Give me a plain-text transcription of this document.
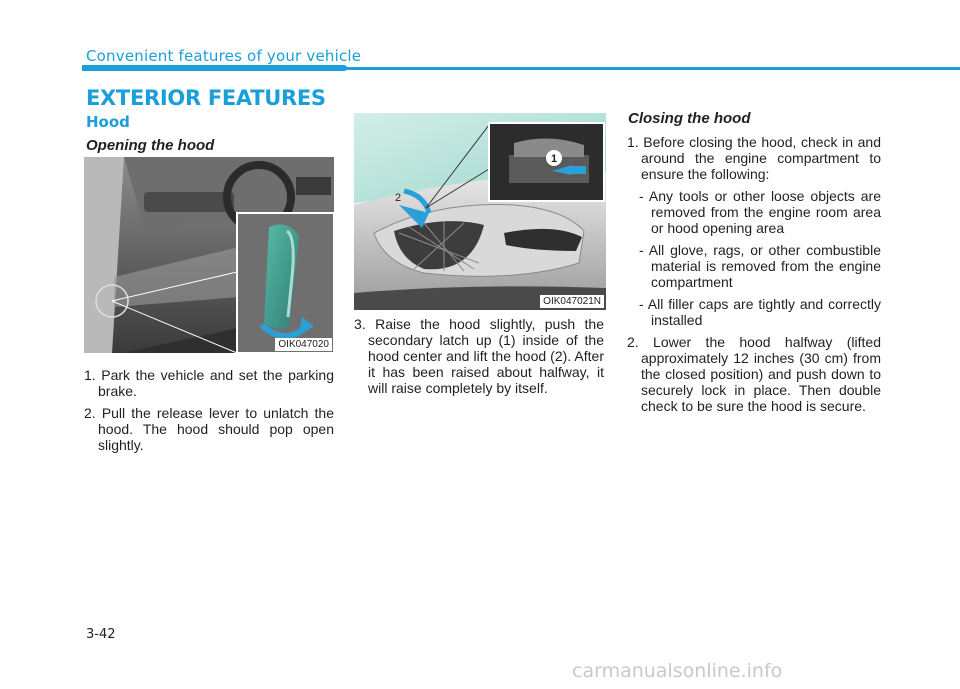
Convenient features of your vehicle
EXTERIOR FEATURES
Hood
Opening the hood
OIK047020

1. Park the vehicle and set the parking brake.

2. Pull the release lever to unlatch the hood. The hood should pop open slightly.

1
2
OIK047021N

3. Raise the hood slightly, push the secondary latch up (1) inside of the hood center and lift the hood (2). After it has been raised about halfway, it will raise completely by itself.

Closing the hood

1. Before closing the hood, check in and around the engine compartment to ensure the following:

- Any tools or other loose objects are removed from the engine room area or hood opening area

- All glove, rags, or other combustible material is removed from the engine compartment

- All filler caps are tightly and correctly installed

2. Lower the hood halfway (lifted approximately 12 inches (30 cm) from the closed position) and push down to securely lock in place. Then double check to be sure the hood is secure.

3-42
carmanualsonline.info
